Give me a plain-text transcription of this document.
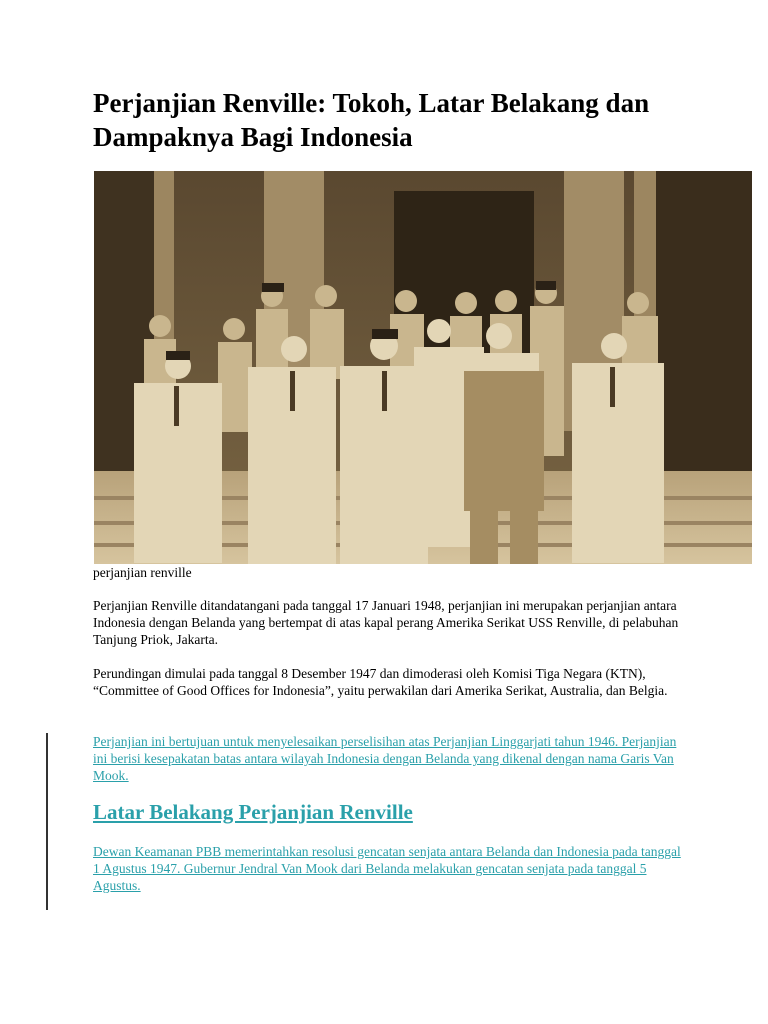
Perjanjian Renville: Tokoh, Latar Belakang dan Dampaknya Bagi Indonesia
perjanjian renville

Perjanjian Renville ditandatangani pada tanggal 17 Januari 1948, perjanjian ini merupakan perjanjian antara Indonesia dengan Belanda yang bertempat di atas kapal perang Amerika Serikat USS Renville, di pelabuhan Tanjung Priok, Jakarta.

Perundingan dimulai pada tanggal 8 Desember 1947 dan dimoderasi oleh Komisi Tiga Negara (KTN), “Committee of Good Offices for Indonesia”, yaitu perwakilan dari Amerika Serikat, Australia, dan Belgia.

Perjanjian ini bertujuan untuk menyelesaikan perselisihan atas Perjanjian Linggarjati tahun 1946. Perjanjian ini berisi kesepakatan batas antara wilayah Indonesia dengan Belanda yang dikenal dengan nama Garis Van Mook.

Latar Belakang Perjanjian Renville

Dewan Keamanan PBB memerintahkan resolusi gencatan senjata antara Belanda dan Indonesia pada tanggal 1 Agustus 1947. Gubernur Jendral Van Mook dari Belanda melakukan gencatan senjata pada tanggal 5 Agustus.
